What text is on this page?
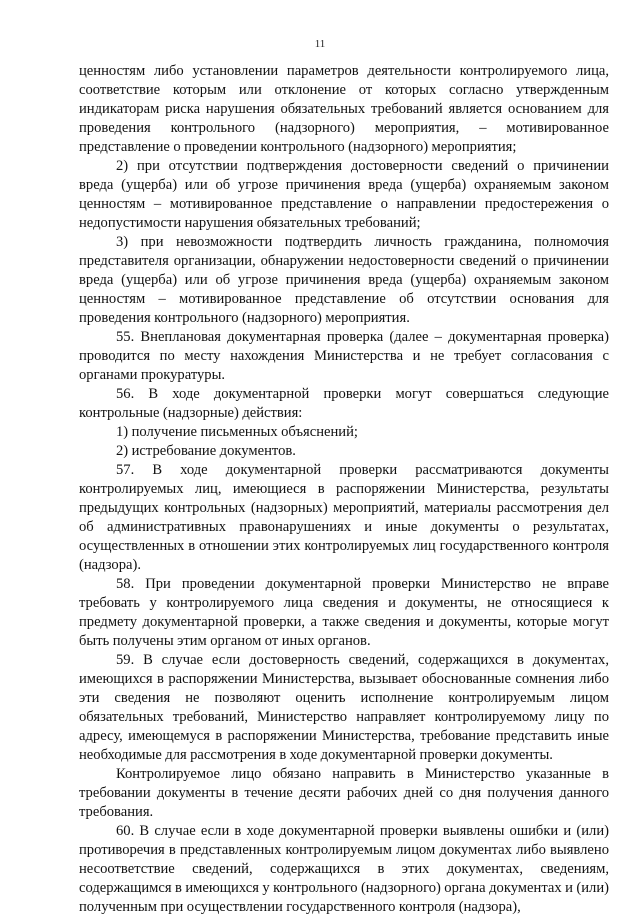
11

ценностям либо установлении параметров деятельности контролируемого лица, соответствие которым или отклонение от которых согласно утвержденным индикаторам риска нарушения обязательных требований является основанием для проведения контрольного (надзорного) мероприятия, – мотивированное представление о проведении контрольного (надзорного) мероприятия;

2) при отсутствии подтверждения достоверности сведений о причинении вреда (ущерба) или об угрозе причинения вреда (ущерба) охраняемым законом ценностям – мотивированное представление о направлении предостережения о недопустимости нарушения обязательных требований;

3) при невозможности подтвердить личность гражданина, полномочия представителя организации, обнаружении недостоверности сведений о причинении вреда (ущерба) или об угрозе причинения вреда (ущерба) охраняемым законом ценностям – мотивированное представление об отсутствии основания для проведения контрольного (надзорного) мероприятия.

55. Внеплановая документарная проверка (далее – документарная проверка) проводится по месту нахождения Министерства и не требует согласования с органами прокуратуры.

56. В ходе документарной проверки могут совершаться следующие контрольные (надзорные) действия:

1) получение письменных объяснений;

2) истребование документов.

57. В ходе документарной проверки рассматриваются документы контролируемых лиц, имеющиеся в распоряжении Министерства, результаты предыдущих контрольных (надзорных) мероприятий, материалы рассмотрения дел об административных правонарушениях и иные документы о результатах, осуществленных в отношении этих контролируемых лиц государственного контроля (надзора).

58. При проведении документарной проверки Министерство не вправе требовать у контролируемого лица сведения и документы, не относящиеся к предмету документарной проверки, а также сведения и документы, которые могут быть получены этим органом от иных органов.

59. В случае если достоверность сведений, содержащихся в документах, имеющихся в распоряжении Министерства, вызывает обоснованные сомнения либо эти сведения не позволяют оценить исполнение контролируемым лицом обязательных требований, Министерство направляет контролируемому лицу по адресу, имеющемуся в распоряжении Министерства, требование представить иные необходимые для рассмотрения в ходе документарной проверки документы.

Контролируемое лицо обязано направить в Министерство указанные в требовании документы в течение десяти рабочих дней со дня получения данного требования.

60. В случае если в ходе документарной проверки выявлены ошибки и (или) противоречия в представленных контролируемым лицом документах либо выявлено несоответствие сведений, содержащихся в этих документах, сведениям, содержащимся в имеющихся у контрольного (надзорного) органа документах и (или) полученным при осуществлении государственного контроля (надзора),
